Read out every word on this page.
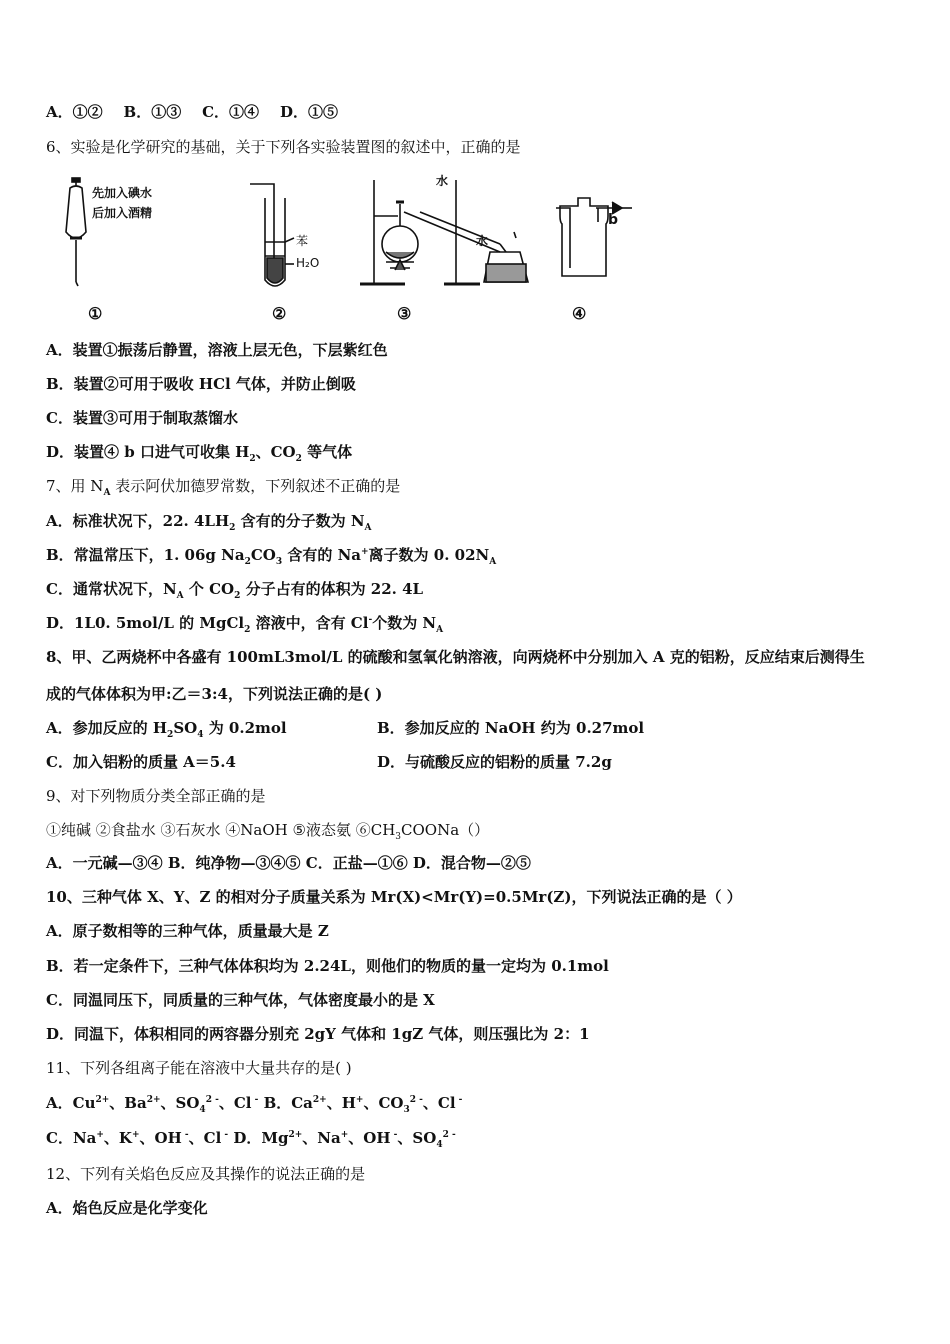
A．①② B．①③ C．①④ D．①⑤
6、实验是化学研究的基础，关于下列各实验装置图的叙述中，正确的是
先加入碘水
后加入酒精
苯
H₂O
水
水
b
①	②	③	④
A．装置①振荡后静置，溶液上层无色，下层紫红色
B．装置②可用于吸收 HCl 气体，并防止倒吸
C．装置③可用于制取蒸馏水
D．装置④ b 口进气可收集 $H_2$、$CO_2$ 等气体
7、用 $N_A$ 表示阿伏加德罗常数，下列叙述不正确的是
A．标准状况下，22. $4LH_2$ 含有的分子数为 $N_A$
B．常温常压下，1. 06g $Na_2CO_3$ 含有的 Na+离子数为 0. $02N_A$
C．通常状况下，$N_A$ 个 $CO_2$ 分子占有的体积为 22. 4L
D．1L0. 5mol/L 的 MgCl$_2$ 溶液中，含有 Cl-个数为 $N_A$
8、甲、乙两烧杯中各盛有 100mL3mol/L 的硫酸和氢氧化钠溶液，向两烧杯中分别加入 A 克的铝粉，反应结束后测得生
成的气体体积为甲:乙＝3:4，下列说法正确的是( )
A．参加反应的 $H_2SO_4$ 为 0.2mol	B．参加反应的 NaOH 约为 0.27mol
C．加入铝粉的质量 A＝5.4	D．与硫酸反应的铝粉的质量 7.2g
9、对下列物质分类全部正确的是
①纯碱 ②食盐水 ③石灰水 ④NaOH ⑤液态氨 $⑥CH_3COONa()$
A．一元碱—③④ B．纯净物—③④⑤ C．正盐—①⑥ D．混合物—②⑤
10、三种气体 X、Y、Z 的相对分子质量关系为 Mr(X)<Mr(Y)=0.5Mr(Z)，下列说法正确的是（ ）
A．原子数相等的三种气体，质量最大是 Z
B．若一定条件下，三种气体体积均为 2.24L，则他们的物质的量一定均为 0.1mol
C．同温同压下，同质量的三种气体，气体密度最小的是 X
D．同温下，体积相同的两容器分别充 2gY 气体和 1gZ 气体，则压强比为 2：1
11、下列各组离子能在溶液中大量共存的是( )
A．$Cu^{2+}$、$Ba^{2+}$、$SO_4^{2 -}$、Cl - B．$Ca^{2+}$、H+、$CO_3^{2 -}$、Cl -
C．Na+、K+、OH -、Cl - D．$Mg^{2+}$、Na+、OH -、$SO_4^{2 -}$
12、下列有关焰色反应及其操作的说法正确的是
A．焰色反应是化学变化
